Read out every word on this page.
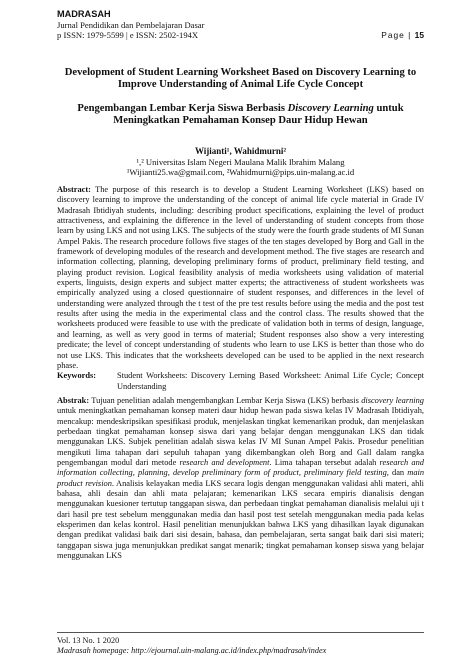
MADRASAH
Jurnal Pendidikan dan Pembelajaran Dasar
p ISSN: 1979-5599 | e ISSN: 2502-194X	Page | 15
Development of Student Learning Worksheet Based on Discovery Learning to Improve Understanding of Animal Life Cycle Concept
Pengembangan Lembar Kerja Siswa Berbasis Discovery Learning untuk Meningkatkan Pemahaman Konsep Daur Hidup Hewan
Wijianti¹, Wahidmurni²
¹,² Universitas Islam Negeri Maulana Malik Ibrahim Malang
¹Wijianti25.wa@gmail.com, ²Wahidmurni@pips.uin-malang.ac.id
Abstract: The purpose of this research is to develop a Student Learning Worksheet (LKS) based on discovery learning to improve the understanding of the concept of animal life cycle material in Grade IV Madrasah Ibtidiyah students, including: describing product specifications, explaining the level of product attractiveness, and explaining the difference in the level of understanding of student concepts from those learn by using LKS and not using LKS. The subjects of the study were the fourth grade students of MI Sunan Ampel Pakis. The research procedure follows five stages of the ten stages developed by Borg and Gall in the framework of developing modules of the research and development method. The five stages are research and information collecting, planning, developing preliminary forms of product, preliminary field testing, and playing product revision. Logical feasibility analysis of media worksheets using validation of material experts, linguists, design experts and subject matter experts; the attractiveness of student worksheets was empirically analyzed using a closed questionnaire of student responses, and differences in the level of understanding were analyzed through the t test of the pre test results before using the media and the post test results after using the media in the experimental class and the control class. The results showed that the worksheets produced were feasible to use with the predicate of validation both in terms of design, language, and learning, as well as very good in terms of material; Student responses also show a very interesting predicate; the level of concept understanding of students who learn to use LKS is better than those who do not use LKS. This indicates that the worksheets developed can be used to be applied in the next research phase.
Keywords:	Student Worksheets: Discovery Lerning Based Worksheet: Animal Life Cycle; Concept Understanding
Abstrak: Tujuan penelitian adalah mengembangkan Lembar Kerja Siswa (LKS) berbasis discovery learning untuk meningkatkan pemahaman konsep materi daur hidup hewan pada siswa kelas IV Madrasah Ibtidiyah, mencakup: mendeskripsikan spesifikasi produk, menjelaskan tingkat kemenarikan produk, dan menjelaskan perbedaan tingkat pemahaman konsep siswa dari yang belajar dengan menggunakan LKS dan tidak menggunakan LKS. Subjek penelitian adalah siswa kelas IV MI Sunan Ampel Pakis. Prosedur penelitian mengikuti lima tahapan dari sepuluh tahapan yang dikembangkan oleh Borg and Gall dalam rangka pengembangan modul dari metode research and development. Lima tahapan tersebut adalah research and information collecting, planning, develop preliminary form of product, preliminary field testing, dan main product revision. Analisis kelayakan media LKS secara logis dengan menggunakan validasi ahli materi, ahli bahasa, ahli desain dan ahli mata pelajaran; kemenarikan LKS secara empiris dianalisis dengan menggunakan kuesioner tertutup tanggapan siswa, dan perbedaan tingkat pemahaman dianalisis melalui uji t dari hasil pre test sebelum menggunakan media dan hasil post test setelah menggunakan media pada kelas eksperimen dan kelas kontrol. Hasil penelitian menunjukkan bahwa LKS yang dihasilkan layak digunakan dengan predikat validasi baik dari sisi desain, bahasa, dan pembelajaran, serta sangat baik dari sisi materi; tanggapan siswa juga menunjukkan predikat sangat menarik; tingkat pemahaman konsep siswa yang belajar menggunakan LKS
Vol. 13 No. 1 2020
Madrasah homepage: http://ejournal.uin-malang.ac.id/index.php/madrasah/index
